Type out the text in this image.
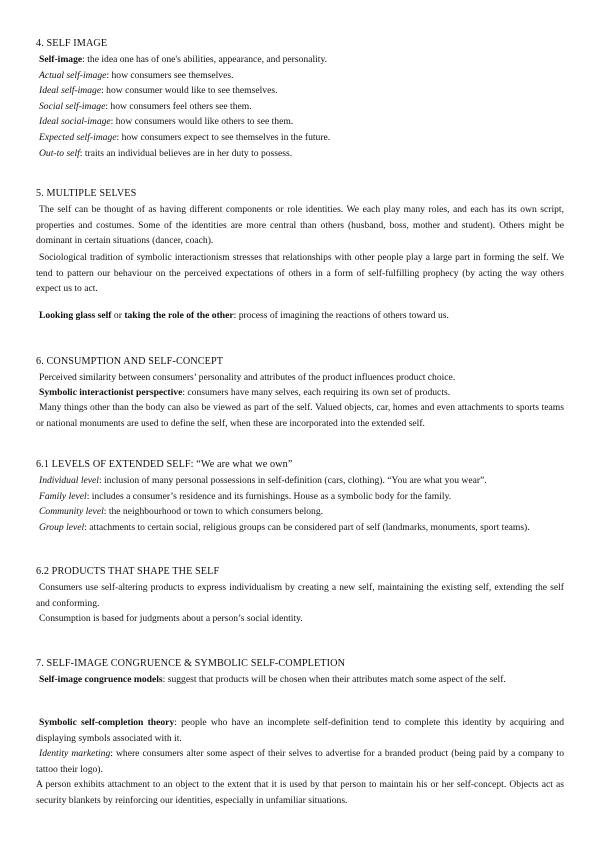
4. SELF IMAGE
Self-image: the idea one has of one's abilities, appearance, and personality.
Actual self-image: how consumers see themselves.
Ideal self-image: how consumer would like to see themselves.
Social self-image: how consumers feel others see them.
Ideal social-image: how consumers would like others to see them.
Expected self-image: how consumers expect to see themselves in the future.
Out-to self: traits an individual believes are in her duty to possess.
5. MULTIPLE SELVES
The self can be thought of as having different components or role identities. We each play many roles, and each has its own script, properties and costumes. Some of the identities are more central than others (husband, boss, mother and student). Others might be dominant in certain situations (dancer, coach).
Sociological tradition of symbolic interactionism stresses that relationships with other people play a large part in forming the self. We tend to pattern our behaviour on the perceived expectations of others in a form of self-fulfilling prophecy (by acting the way others expect us to act.
Looking glass self or taking the role of the other: process of imagining the reactions of others toward us.
6. CONSUMPTION AND SELF-CONCEPT
Perceived similarity between consumers’ personality and attributes of the product influences product choice.
Symbolic interactionist perspective: consumers have many selves, each requiring its own set of products.
Many things other than the body can also be viewed as part of the self. Valued objects, car, homes and even attachments to sports teams or national monuments are used to define the self, when these are incorporated into the extended self.
6.1 LEVELS OF EXTENDED SELF: “We are what we own”
Individual level: inclusion of many personal possessions in self-definition (cars, clothing). “You are what you wear”.
Family level: includes a consumer’s residence and its furnishings. House as a symbolic body for the family.
Community level: the neighbourhood or town to which consumers belong.
Group level: attachments to certain social, religious groups can be considered part of self (landmarks, monuments, sport teams).
6.2 PRODUCTS THAT SHAPE THE SELF
Consumers use self-altering products to express individualism by creating a new self, maintaining the existing self, extending the self and conforming.
Consumption is based for judgments about a person’s social identity.
7. SELF-IMAGE CONGRUENCE & SYMBOLIC SELF-COMPLETION
Self-image congruence models: suggest that products will be chosen when their attributes match some aspect of the self.
Symbolic self-completion theory: people who have an incomplete self-definition tend to complete this identity by acquiring and displaying symbols associated with it.
Identity marketing: where consumers alter some aspect of their selves to advertise for a branded product (being paid by a company to tattoo their logo).
A person exhibits attachment to an object to the extent that it is used by that person to maintain his or her self-concept. Objects act as security blankets by reinforcing our identities, especially in unfamiliar situations.
